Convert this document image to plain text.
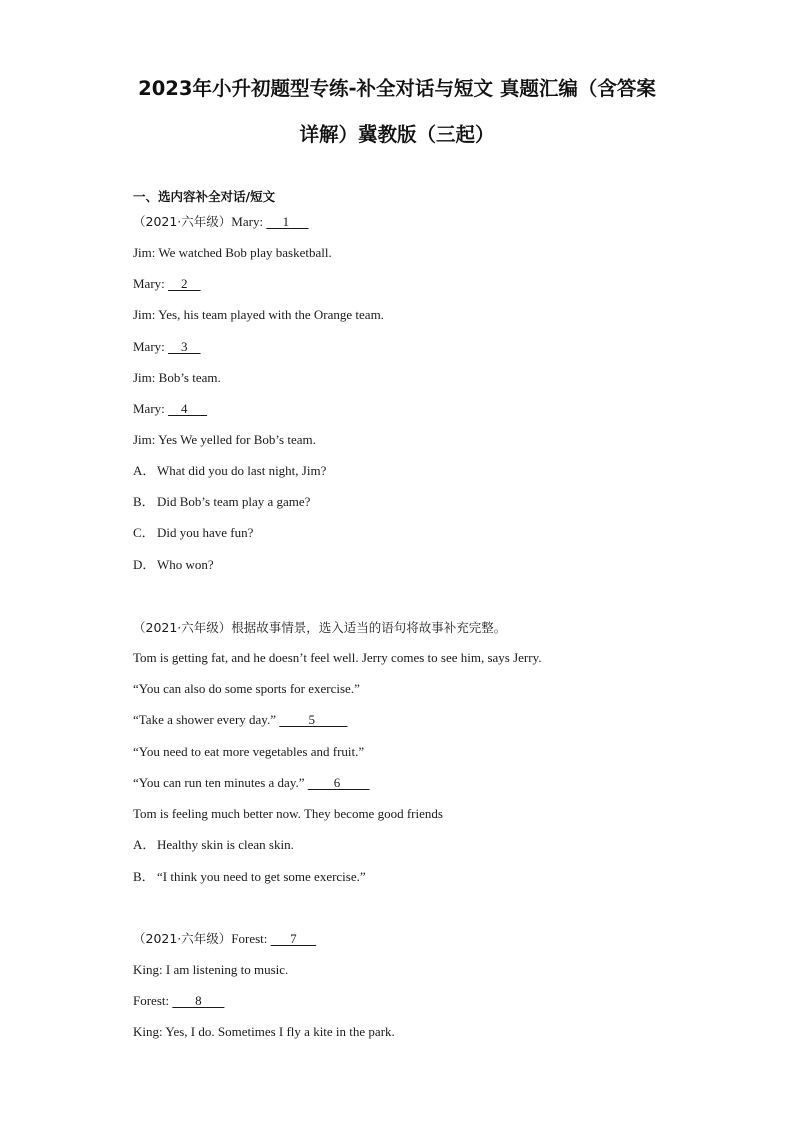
2023年小升初题型专练-补全对话与短文 真题汇编（含答案
详解）冀教版（三起）
一、选内容补全对话/短文
（2021·六年级）Mary:      1
Jim: We watched Bob play basketball.
Mary:     2
Jim: Yes, his team played with the Orange team.
Mary:     3
Jim: Bob’s team.
Mary:     4
Jim: Yes We yelled for Bob’s team.
A． What did you do last night, Jim?
B． Did Bob’s team play a game?
C． Did you have fun?
D． Who won?
（2021·六年级）根据故事情景，选入适当的语句将故事补充完整。
Tom is getting fat, and he doesn’t feel well. Jerry comes to see him, says Jerry.
“You can also do some sports for exercise.”
“Take a shower every day.”          5
“You need to eat more vegetables and fruit.”
“You can run ten minutes a day.”         6
Tom is feeling much better now. They become good friends
A． Healthy skin is clean skin.
B． “I think you need to get some exercise.”
（2021·六年级）Forest:       7
King: I am listening to music.
Forest:        8
King: Yes, I do. Sometimes I fly a kite in the park.
